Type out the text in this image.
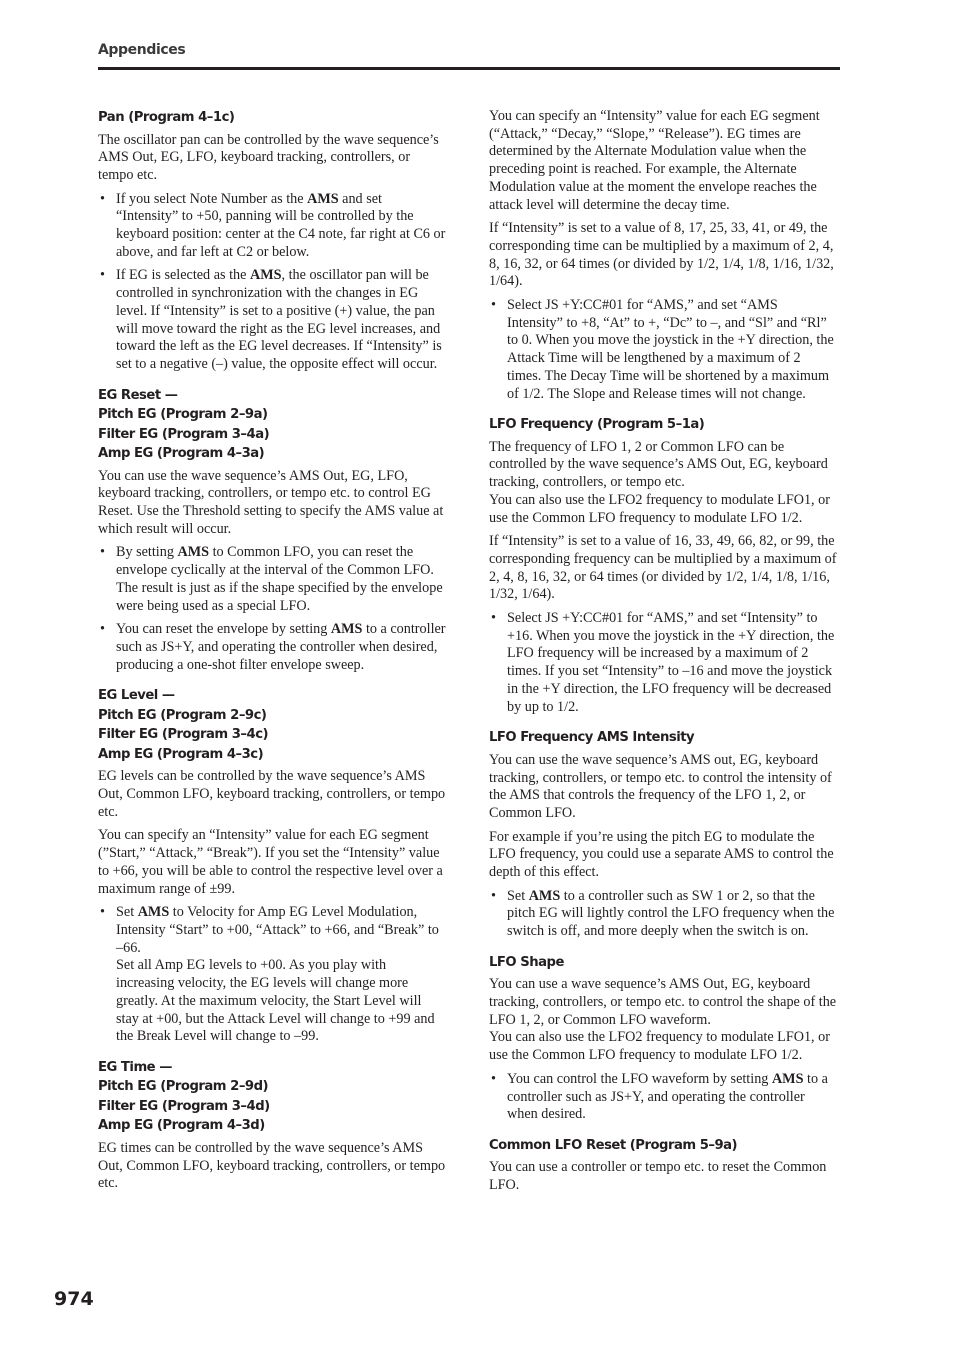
Appendices
Pan (Program 4–1c)

The oscillator pan can be controlled by the wave sequence’s AMS Out, EG, LFO, keyboard tracking, controllers, or tempo etc.

• If you select Note Number as the AMS and set “Intensity” to +50, panning will be controlled by the keyboard position: center at the C4 note, far right at C6 or above, and far left at C2 or below.
• If EG is selected as the AMS, the oscillator pan will be controlled in synchronization with the changes in EG level. If “Intensity” is set to a positive (+) value, the pan will move toward the right as the EG level increases, and toward the left as the EG level decreases. If “Intensity” is set to a negative (–) value, the opposite effect will occur.
EG Reset —
Pitch EG (Program 2–9a)
Filter EG (Program 3–4a)
Amp EG (Program 4–3a)

You can use the wave sequence’s AMS Out, EG, LFO, keyboard tracking, controllers, or tempo etc. to control EG Reset. Use the Threshold setting to specify the AMS value at which result will occur.

• By setting AMS to Common LFO, you can reset the envelope cyclically at the interval of the Common LFO. The result is just as if the shape specified by the envelope were being used as a special LFO.
• You can reset the envelope by setting AMS to a controller such as JS+Y, and operating the controller when desired, producing a one-shot filter envelope sweep.
EG Level —
Pitch EG (Program 2–9c)
Filter EG (Program 3–4c)
Amp EG (Program 4–3c)

EG levels can be controlled by the wave sequence’s AMS Out, Common LFO, keyboard tracking, controllers, or tempo etc.

You can specify an “Intensity” value for each EG segment (”Start,” “Attack,” “Break”). If you set the “Intensity” value to +66, you will be able to control the respective level over a maximum range of ±99.

• Set AMS to Velocity for Amp EG Level Modulation, Intensity “Start” to +00, “Attack” to +66, and “Break” to –66.
Set all Amp EG levels to +00. As you play with increasing velocity, the EG levels will change more greatly. At the maximum velocity, the Start Level will stay at +00, but the Attack Level will change to +99 and the Break Level will change to –99.
EG Time —
Pitch EG (Program 2–9d)
Filter EG (Program 3–4d)
Amp EG (Program 4–3d)

EG times can be controlled by the wave sequence’s AMS Out, Common LFO, keyboard tracking, controllers, or tempo etc.

You can specify an “Intensity” value for each EG segment (“Attack,” “Decay,” “Slope,” “Release”). EG times are determined by the Alternate Modulation value when the preceding point is reached. For example, the Alternate Modulation value at the moment the envelope reaches the attack level will determine the decay time.

If “Intensity” is set to a value of 8, 17, 25, 33, 41, or 49, the corresponding time can be multiplied by a maximum of 2, 4, 8, 16, 32, or 64 times (or divided by 1/2, 1/4, 1/8, 1/16, 1/32, 1/64).

• Select JS +Y:CC#01 for “AMS,” and set “AMS Intensity” to +8, “At” to +, “Dc” to –, and “Sl” and “Rl” to 0. When you move the joystick in the +Y direction, the Attack Time will be lengthened by a maximum of 2 times. The Decay Time will be shortened by a maximum of 1/2. The Slope and Release times will not change.
LFO Frequency (Program 5–1a)

The frequency of LFO 1, 2 or Common LFO can be controlled by the wave sequence’s AMS Out, EG, keyboard tracking, controllers, or tempo etc.
You can also use the LFO2 frequency to modulate LFO1, or use the Common LFO frequency to modulate LFO 1/2.

If “Intensity” is set to a value of 16, 33, 49, 66, 82, or 99, the corresponding frequency can be multiplied by a maximum of 2, 4, 8, 16, 32, or 64 times (or divided by 1/2, 1/4, 1/8, 1/16, 1/32, 1/64).

• Select JS +Y:CC#01 for “AMS,” and set “Intensity” to +16. When you move the joystick in the +Y direction, the LFO frequency will be increased by a maximum of 2 times. If you set “Intensity” to –16 and move the joystick in the +Y direction, the LFO frequency will be decreased by up to 1/2.
LFO Frequency AMS Intensity

You can use the wave sequence’s AMS out, EG, keyboard tracking, controllers, or tempo etc. to control the intensity of the AMS that controls the frequency of the LFO 1, 2, or Common LFO.

For example if you’re using the pitch EG to modulate the LFO frequency, you could use a separate AMS to control the depth of this effect.

• Set AMS to a controller such as SW 1 or 2, so that the pitch EG will lightly control the LFO frequency when the switch is off, and more deeply when the switch is on.
LFO Shape

You can use a wave sequence’s AMS Out, EG, keyboard tracking, controllers, or tempo etc. to control the shape of the LFO 1, 2, or Common LFO waveform.
You can also use the LFO2 frequency to modulate LFO1, or use the Common LFO frequency to modulate LFO 1/2.

• You can control the LFO waveform by setting AMS to a controller such as JS+Y, and operating the controller when desired.
Common LFO Reset (Program 5–9a)

You can use a controller or tempo etc. to reset the Common LFO.

974
